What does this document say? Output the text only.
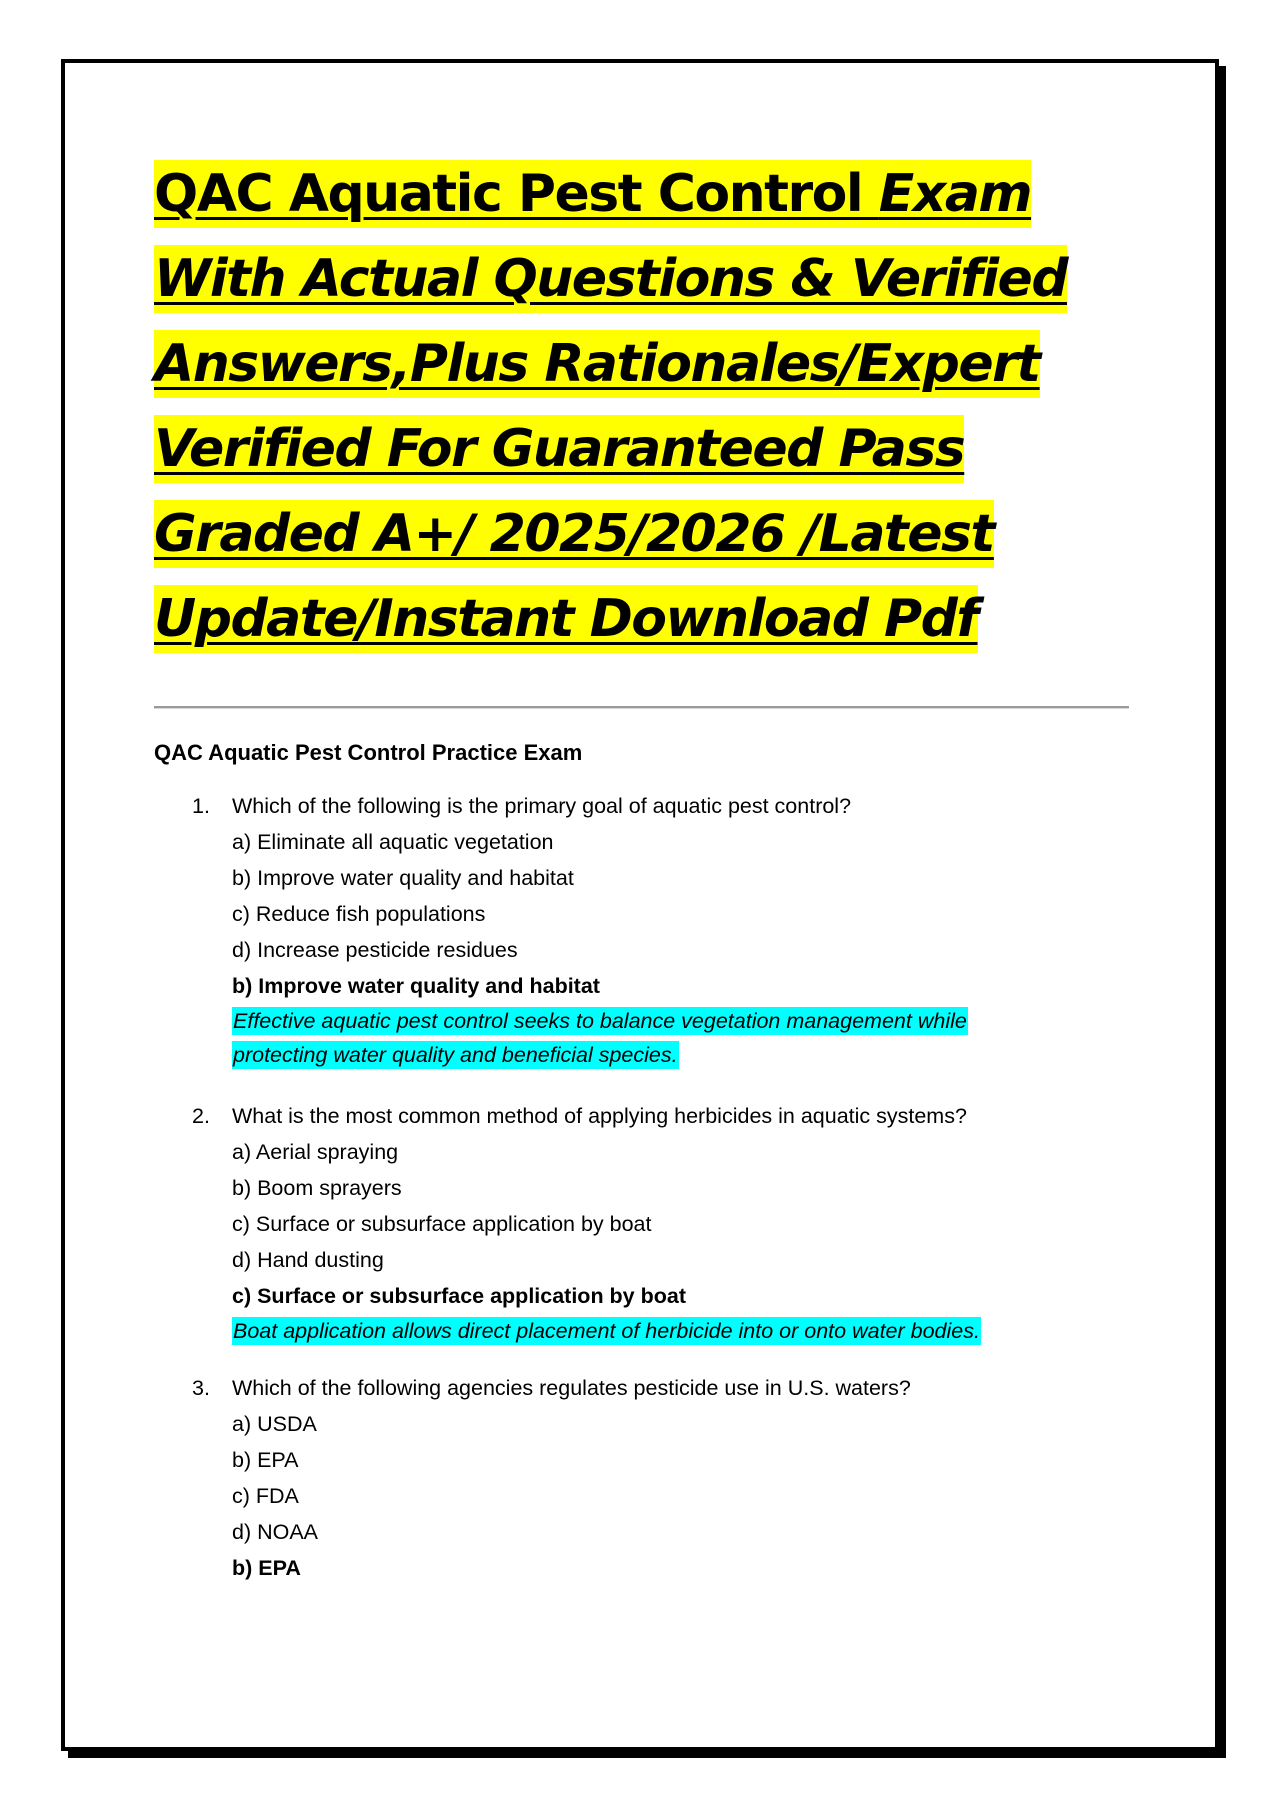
QAC Aquatic Pest Control Exam With Actual Questions & Verified Answers,Plus Rationales/Expert Verified For Guaranteed Pass Graded A+/ 2025/2026 /Latest Update/Instant Download Pdf
QAC Aquatic Pest Control Practice Exam
1.	Which of the following is the primary goal of aquatic pest control?
a) Eliminate all aquatic vegetation
b) Improve water quality and habitat
c) Reduce fish populations
d) Increase pesticide residues
b) Improve water quality and habitat
Effective aquatic pest control seeks to balance vegetation management while protecting water quality and beneficial species.
2.	What is the most common method of applying herbicides in aquatic systems?
a) Aerial spraying
b) Boom sprayers
c) Surface or subsurface application by boat
d) Hand dusting
c) Surface or subsurface application by boat
Boat application allows direct placement of herbicide into or onto water bodies.
3.	Which of the following agencies regulates pesticide use in U.S. waters?
a) USDA
b) EPA
c) FDA
d) NOAA
b) EPA
